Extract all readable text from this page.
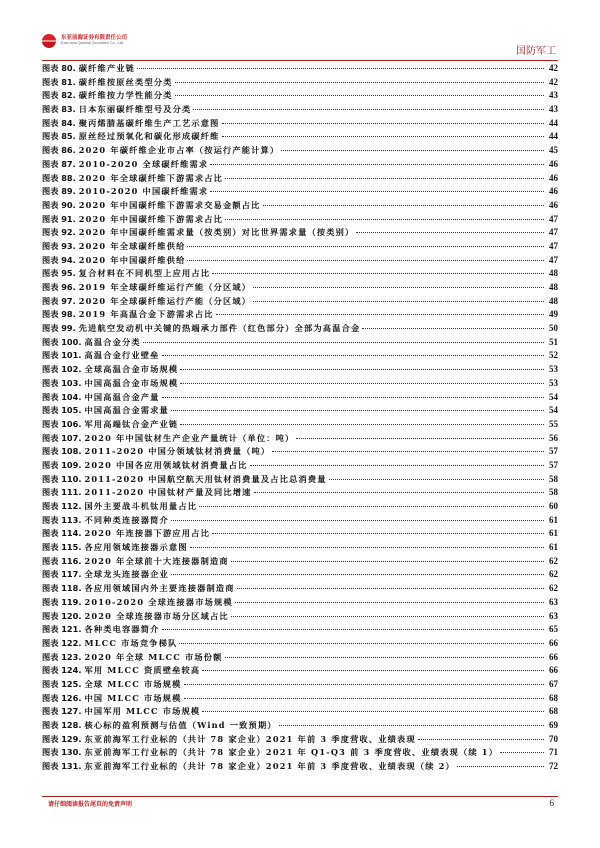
东亚前海证券有限责任公司
East Asia Qianhai Securities Co., Ltd.
国防军工
图表 80. 碳纤维产业链	42
图表 81. 碳纤维按原丝类型分类	42
图表 82. 碳纤维按力学性能分类	43
图表 83. 日本东丽碳纤维型号及分类	43
图表 84. 聚丙烯腈基碳纤维生产工艺示意图	44
图表 85. 原丝经过预氧化和碳化形成碳纤维	44
图表 86. 2020 年碳纤维企业市占率（按运行产能计算）	45
图表 87. 2010-2020 全球碳纤维需求	46
图表 88. 2020 年全球碳纤维下游需求占比	46
图表 89. 2010-2020 中国碳纤维需求	46
图表 90. 2020 年中国碳纤维下游需求交易金额占比	46
图表 91. 2020 年中国碳纤维下游需求占比	47
图表 92. 2020 年中国碳纤维需求量（按类别）对比世界需求量（按类别）	47
图表 93. 2020 年全球碳纤维供给	47
图表 94. 2020 年中国碳纤维供给	47
图表 95. 复合材料在不同机型上应用占比	48
图表 96. 2019 年全球碳纤维运行产能（分区域）	48
图表 97. 2020 年全球碳纤维运行产能（分区域）	48
图表 98. 2019 年高温合金下游需求占比	49
图表 99. 先进航空发动机中关键的热端承力部件（红色部分）全部为高温合金	50
图表 100. 高温合金分类	51
图表 101. 高温合金行业壁垒	52
图表 102. 全球高温合金市场规模	53
图表 103. 中国高温合金市场规模	53
图表 104. 中国高温合金产量	54
图表 105. 中国高温合金需求量	54
图表 106. 军用高端钛合金产业链	55
图表 107. 2020 年中国钛材生产企业产量统计（单位：吨）	56
图表 108. 2011-2020 中国分领域钛材消费量（吨）	57
图表 109. 2020 中国各应用领域钛材消费量占比	57
图表 110. 2011-2020 中国航空航天用钛材消费量及占比总消费量	58
图表 111. 2011-2020 中国钛材产量及同比增速	58
图表 112. 国外主要战斗机钛用量占比	60
图表 113. 不同种类连接器简介	61
图表 114. 2020 年连接器下游应用占比	61
图表 115. 各应用领域连接器示意图	61
图表 116. 2020 年全球前十大连接器制造商	62
图表 117. 全球龙头连接器企业	62
图表 118. 各应用领域国内外主要连接器制造商	62
图表 119. 2010-2020 全球连接器市场规模	63
图表 120. 2020 全球连接器市场分区域占比	63
图表 121. 各种类电容器简介	65
图表 122. MLCC 市场竞争梯队	66
图表 123. 2020 年全球 MLCC 市场份额	66
图表 124. 军用 MLCC 资质壁垒较高	66
图表 125. 全球 MLCC 市场规模	67
图表 126. 中国 MLCC 市场规模	68
图表 127. 中国军用 MLCC 市场规模	68
图表 128. 核心标的盈利预测与估值（Wind 一致预期）	69
图表 129. 东亚前海军工行业标的（共计 78 家企业）2021 年前 3 季度营收、业绩表现	70
图表 130. 东亚前海军工行业标的（共计 78 家企业）2021 年 Q1-Q3 前 3 季度营收、业绩表现（续 1）	71
图表 131. 东亚前海军工行业标的（共计 78 家企业）2021 年前 3 季度营收、业绩表现（续 2）	72
请仔细阅读报告尾页的免责声明	6
